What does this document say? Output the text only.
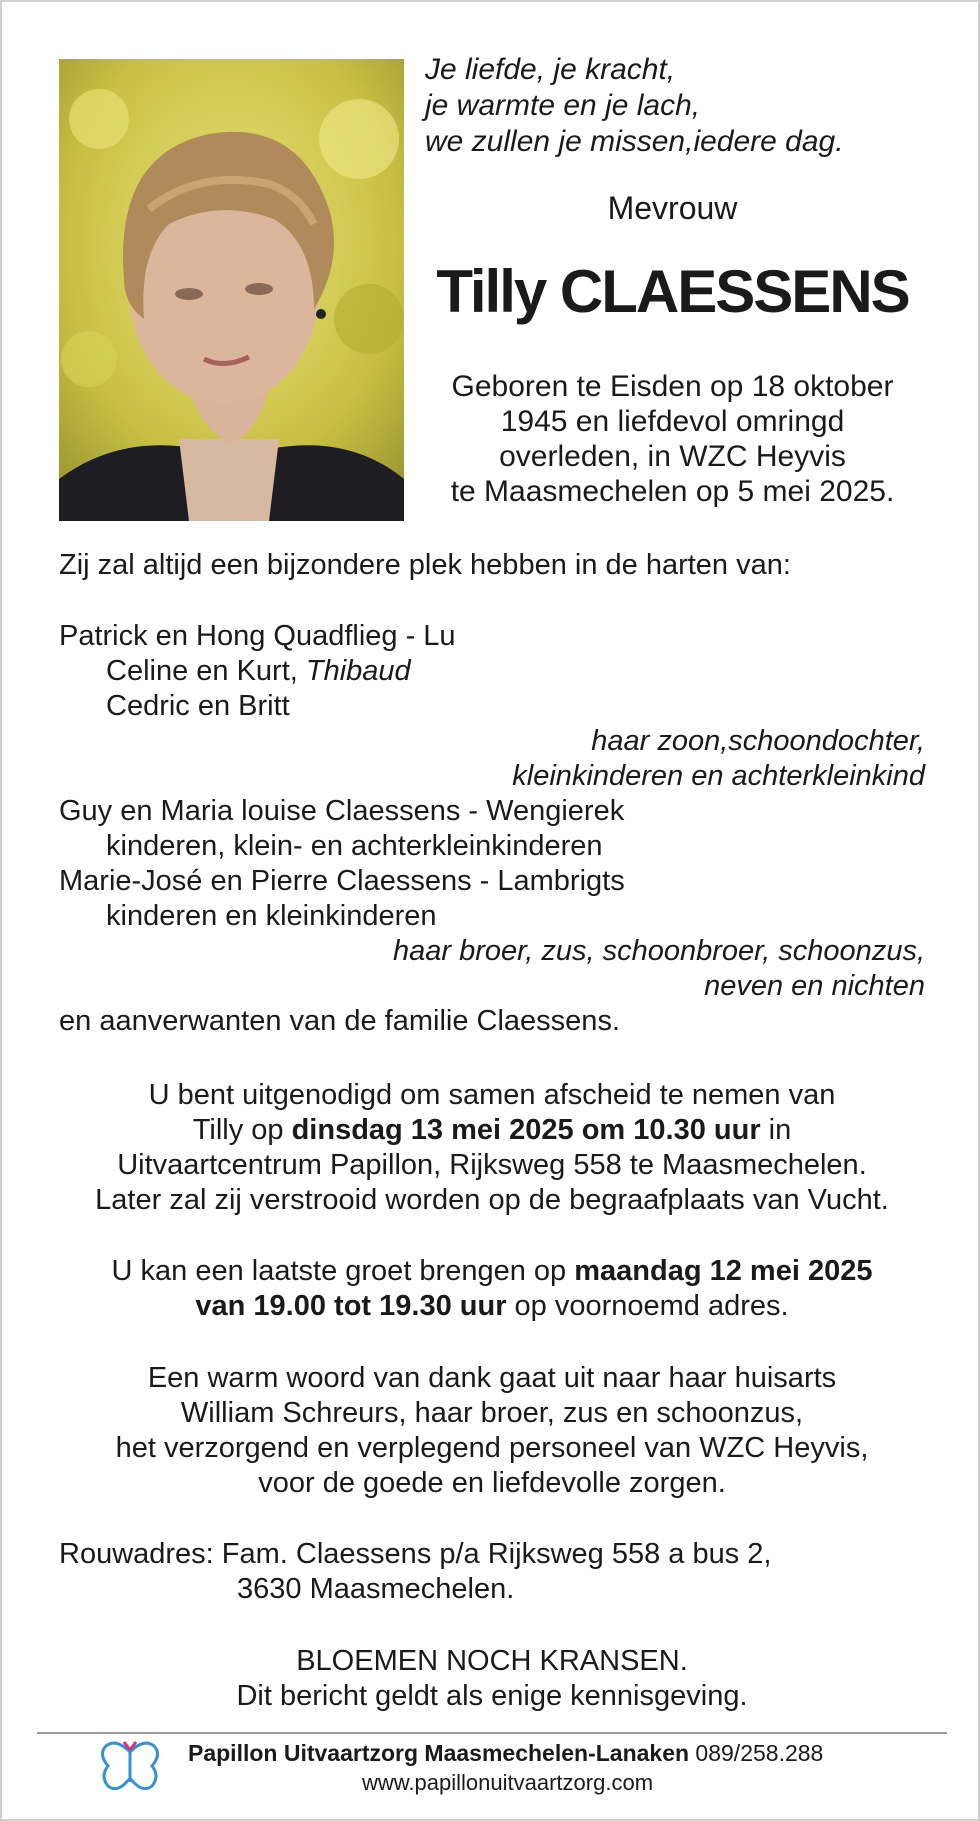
Je liefde, je kracht,
je warmte en je lach,
we zullen je missen,iedere dag.
Mevrouw
Tilly CLAESSENS
Geboren te Eisden op 18 oktober
1945 en liefdevol omringd
overleden, in WZC Heyvis
te Maasmechelen op 5 mei 2025.
Zij zal altijd een bijzondere plek hebben in de harten van:
Patrick en Hong Quadflieg - Lu
Celine en Kurt, Thibaud
Cedric en Britt
haar zoon,schoondochter,
kleinkinderen en achterkleinkind
Guy en Maria louise Claessens - Wengierek
kinderen, klein- en achterkleinkinderen
Marie-José en Pierre Claessens - Lambrigts
kinderen en kleinkinderen
haar broer, zus, schoonbroer, schoonzus,
neven en nichten
en aanverwanten van de familie Claessens.
U bent uitgenodigd om samen afscheid te nemen van
Tilly op dinsdag 13 mei 2025 om 10.30 uur in
Uitvaartcentrum Papillon, Rijksweg 558 te Maasmechelen.
Later zal zij verstrooid worden op de begraafplaats van Vucht.
U kan een laatste groet brengen op maandag 12 mei 2025
van 19.00 tot 19.30 uur op voornoemd adres.
Een warm woord van dank gaat uit naar haar huisarts
William Schreurs, haar broer, zus en schoonzus,
het verzorgend en verplegend personeel van WZC Heyvis,
voor de goede en liefdevolle zorgen.
Rouwadres: Fam. Claessens p/a Rijksweg 558 a bus 2,
3630 Maasmechelen.
BLOEMEN NOCH KRANSEN.
Dit bericht geldt als enige kennisgeving.
Papillon Uitvaartzorg Maasmechelen-Lanaken 089/258.288
www.papillonuitvaartzorg.com
